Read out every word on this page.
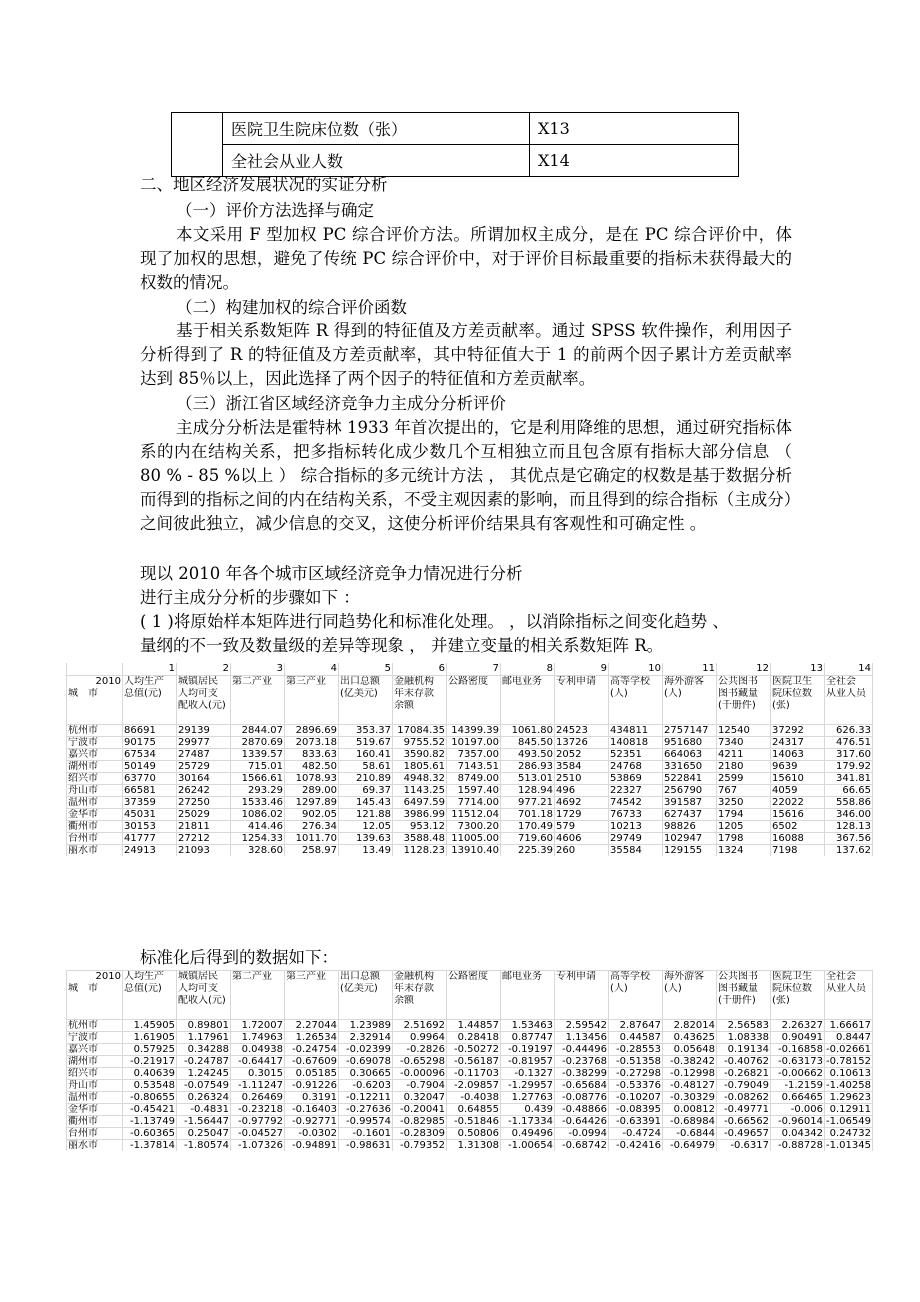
	医院卫生院床位数（张）	X13
	全社会从业人数	X14
二、地区经济发展状况的实证分析
（一）评价方法选择与确定
本文采用 F 型加权 PC 综合评价方法。所谓加权主成分，是在 PC 综合评价中，体现了加权的思想，避免了传统 PC 综合评价中，对于评价目标最重要的指标未获得最大的权数的情况。
（二）构建加权的综合评价函数
基于相关系数矩阵 R 得到的特征值及方差贡献率。通过 SPSS 软件操作，利用因子分析得到了 R 的特征值及方差贡献率，其中特征值大于 1 的前两个因子累计方差贡献率达到 85％以上，因此选择了两个因子的特征值和方差贡献率。
（三）浙江省区域经济竞争力主成分分析评价
主成分分析法是霍特林 1933 年首次提出的，它是利用降维的思想，通过研究指标体系的内在结构关系，把多指标转化成少数几个互相独立而且包含原有指标大部分信息 （ 80 % - 85 %以上 ） 综合指标的多元统计方法 ， 其优点是它确定的权数是基于数据分析而得到的指标之间的内在结构关系，不受主观因素的影响，而且得到的综合指标（主成分）之间彼此独立，减少信息的交叉，这使分析评价结果具有客观性和可确定性 。
现以 2010 年各个城市区域经济竞争力情况进行分析
进行主成分分析的步骤如下 ：
( 1 )将原始样本矩阵进行同趋势化和标准化处理。 ，以消除指标之间变化趋势 、
量纲的不一致及数量级的差异等现象 ， 并建立变量的相关系数矩阵 R。
	1	2	3	4	5	6	7	8	9	10	11	12	13	14
2010	人均生产	城镇居民	第二产业	第三产业	出口总额	金融机构	公路密度	邮电业务	专利申请	高等学校	海外游客	公共图书	医院卫生	全社会
城　市	总值(元)	人均可支			(亿美元)	年末存款				(人)	(人)	图书藏量	院床位数	从业人员
		配收入(元)				余额						(千册件)	(张)	

杭州市	86691	29139	2844.07	2896.69	353.37	17084.35	14399.39	1061.80	24523	434811	2757147	12540	37292	626.33
宁波市	90175	29977	2870.69	2073.18	519.67	9755.52	10197.00	845.50	13726	140818	951680	7340	24317	476.51
嘉兴市	67534	27487	1339.57	833.63	160.41	3590.82	7357.00	493.50	2052	52351	664063	4211	14063	317.60
湖州市	50149	25729	715.01	482.50	58.61	1805.61	7143.51	286.93	3584	24768	331650	2180	9639	179.92
绍兴市	63770	30164	1566.61	1078.93	210.89	4948.32	8749.00	513.01	2510	53869	522841	2599	15610	341.81
舟山市	66581	26242	293.29	289.00	69.37	1143.25	1597.40	128.94	496	22327	256790	767	4059	66.65
温州市	37359	27250	1533.46	1297.89	145.43	6497.59	7714.00	977.21	4692	74542	391587	3250	22022	558.86
金华市	45031	25029	1086.02	902.05	121.88	3986.99	11512.04	701.18	1729	76733	627437	1794	15616	346.00
衢州市	30153	21811	414.46	276.34	12.05	953.12	7300.20	170.49	579	10213	98826	1205	6502	128.13
台州市	41777	27212	1254.33	1011.70	139.63	3588.48	11005.00	719.60	4606	29749	102947	1798	16088	367.56
丽水市	24913	21093	328.60	258.97	13.49	1128.23	13910.40	225.39	260	35584	129155	1324	7198	137.62
标准化后得到的数据如下：
2010	人均生产	城镇居民	第二产业	第三产业	出口总额	金融机构	公路密度	邮电业务	专利申请	高等学校	海外游客	公共图书	医院卫生	全社会
城　市	总值(元)	人均可支			(亿美元)	年末存款				(人)	(人)	图书藏量	院床位数	从业人员
		配收入(元)				余额						(千册件)	(张)	

杭州市	1.45905	0.89801	1.72007	2.27044	1.23989	2.51692	1.44857	1.53463	2.59542	2.87647	2.82014	2.56583	2.26327	1.66617
宁波市	1.61905	1.17961	1.74963	1.26534	2.32914	0.9964	0.28418	0.87747	1.13456	0.44587	0.43625	1.08338	0.90491	0.8447
嘉兴市	0.57925	0.34288	0.04938	-0.24754	-0.02399	-0.2826	-0.50272	-0.19197	-0.44496	-0.28553	0.05648	0.19134	-0.16858	-0.02661
湖州市	-0.21917	-0.24787	-0.64417	-0.67609	-0.69078	-0.65298	-0.56187	-0.81957	-0.23768	-0.51358	-0.38242	-0.40762	-0.63173	-0.78152
绍兴市	0.40639	1.24245	0.3015	0.05185	0.30665	-0.00096	-0.11703	-0.1327	-0.38299	-0.27298	-0.12998	-0.26821	-0.00662	0.10613
舟山市	0.53548	-0.07549	-1.11247	-0.91226	-0.6203	-0.7904	-2.09857	-1.29957	-0.65684	-0.53376	-0.48127	-0.79049	-1.2159	-1.40258
温州市	-0.80655	0.26324	0.26469	0.3191	-0.12211	0.32047	-0.4038	1.27763	-0.08776	-0.10207	-0.30329	-0.08262	0.66465	1.29623
金华市	-0.45421	-0.4831	-0.23218	-0.16403	-0.27636	-0.20041	0.64855	0.439	-0.48866	-0.08395	0.00812	-0.49771	-0.006	0.12911
衢州市	-1.13749	-1.56447	-0.97792	-0.92771	-0.99574	-0.82985	-0.51846	-1.17334	-0.64426	-0.63391	-0.68984	-0.66562	-0.96014	-1.06549
台州市	-0.60365	0.25047	-0.04527	-0.0302	-0.1601	-0.28309	0.50806	0.49496	-0.0994	-0.4724	-0.6844	-0.49657	0.04342	0.24732
丽水市	-1.37814	-1.80574	-1.07326	-0.94891	-0.98631	-0.79352	1.31308	-1.00654	-0.68742	-0.42416	-0.64979	-0.6317	-0.88728	-1.01345
